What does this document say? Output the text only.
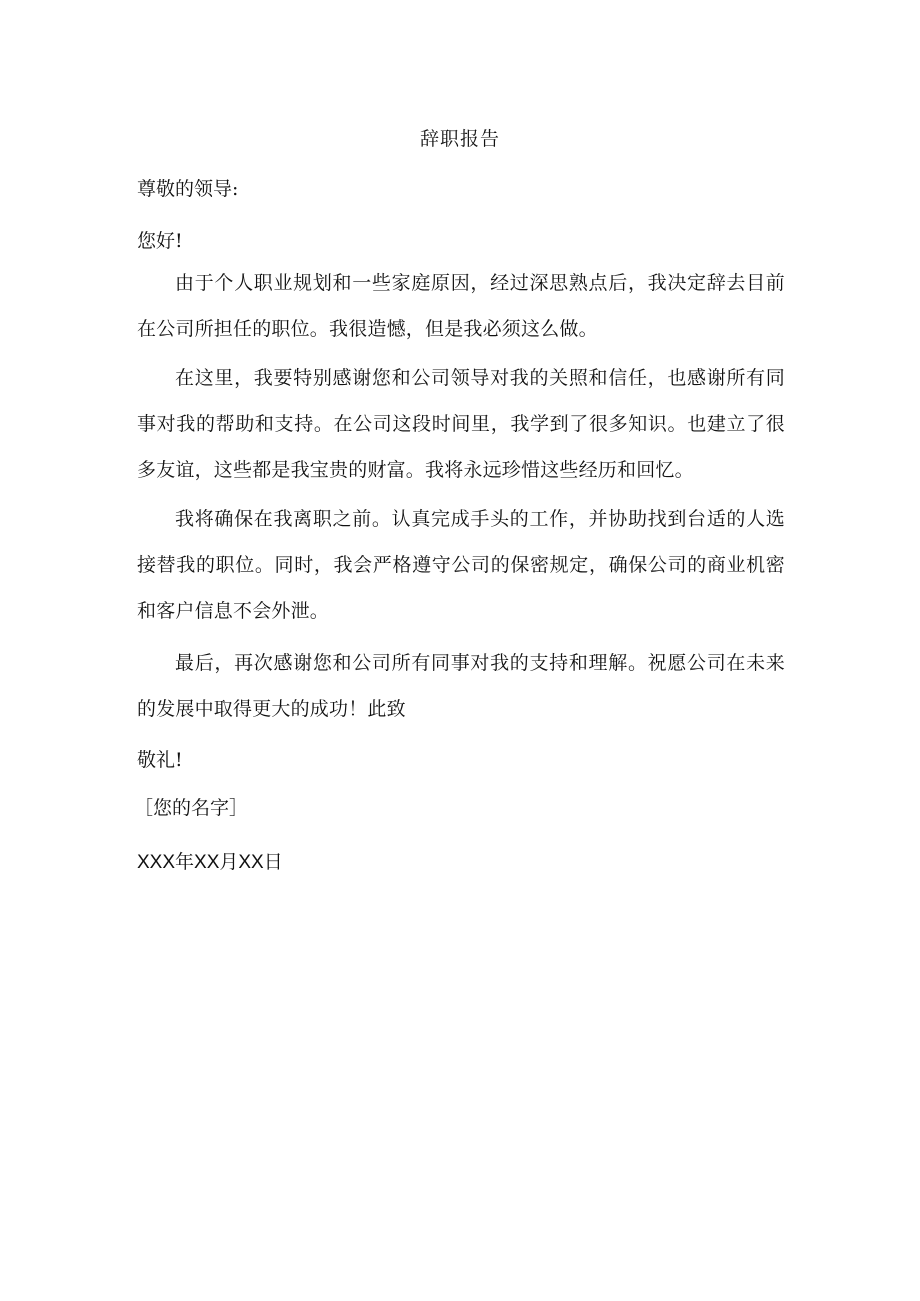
辞职报告
尊敬的领导:
您好!
由于个人职业规划和一些家庭原因，经过深思熟点后，我决定辞去目前在公司所担任的职位。我很造憾，但是我必须这么做。
在这里，我要特别感谢您和公司领导对我的关照和信任，也感谢所有同事对我的帮助和支持。在公司这段时间里，我学到了很多知识。也建立了很多友谊，这些都是我宝贵的财富。我将永远珍惜这些经历和回忆。
我将确保在我离职之前。认真完成手头的工作，并协助找到台适的人选接替我的职位。同时，我会严格遵守公司的保密规定，确保公司的商业机密和客户信息不会外泄。
最后，再次感谢您和公司所有同事对我的支持和理解。祝愿公司在未来的发展中取得更大的成功！此致
敬礼!
［您的名字］
XXX年XX月XX日
